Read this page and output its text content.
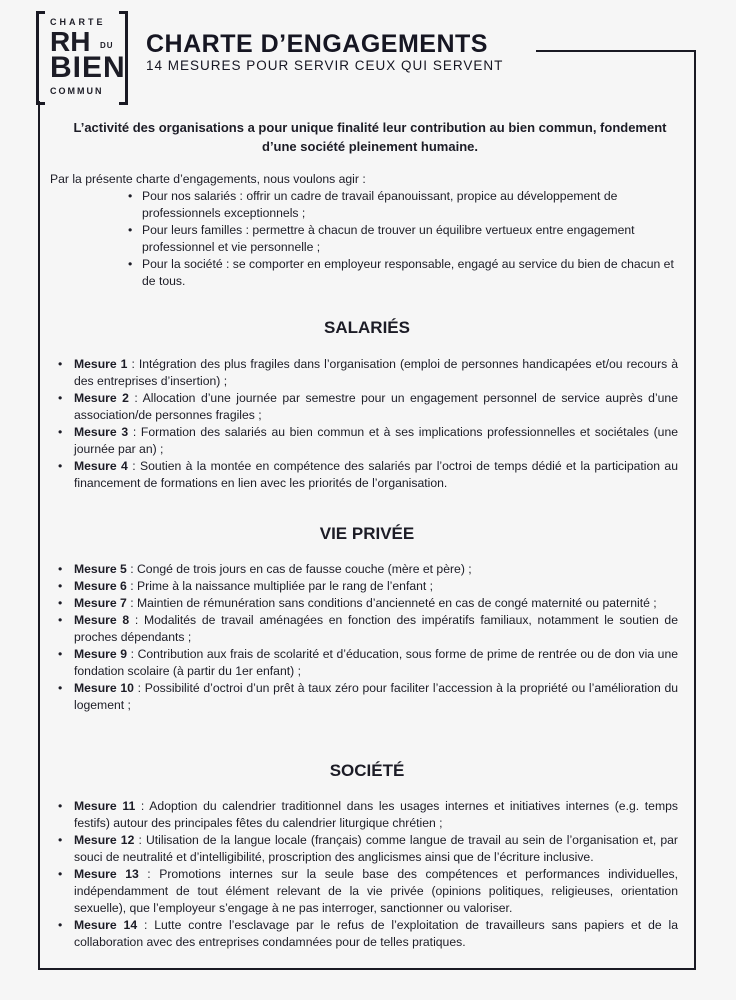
CHARTE
RH DU
BIEN
COMMUN
CHARTE D’ENGAGEMENTS
14 MESURES POUR SERVIR CEUX QUI SERVENT
L’activité des organisations a pour unique finalité leur contribution au bien commun, fondement d’une société pleinement humaine.
Par la présente charte d’engagements, nous voulons agir :
• Pour nos salariés : offrir un cadre de travail épanouissant, propice au développement de professionnels exceptionnels ;
• Pour leurs familles : permettre à chacun de trouver un équilibre vertueux entre engagement professionnel et vie personnelle ;
• Pour la société : se comporter en employeur responsable, engagé au service du bien de chacun et de tous.
SALARIÉS
• Mesure 1 : Intégration des plus fragiles dans l’organisation (emploi de personnes handicapées et/ou recours à des entreprises d’insertion) ;
• Mesure 2 : Allocation d’une journée par semestre pour un engagement personnel de service auprès d’une association/de personnes fragiles ;
• Mesure 3 : Formation des salariés au bien commun et à ses implications professionnelles et sociétales (une journée par an) ;
• Mesure 4 : Soutien à la montée en compétence des salariés par l’octroi de temps dédié et la participation au financement de formations en lien avec les priorités de l’organisation.
VIE PRIVÉE
• Mesure 5 : Congé de trois jours en cas de fausse couche (mère et père) ;
• Mesure 6 : Prime à la naissance multipliée par le rang de l’enfant ;
• Mesure 7 : Maintien de rémunération sans conditions d’ancienneté en cas de congé maternité ou paternité ;
• Mesure 8 : Modalités de travail aménagées en fonction des impératifs familiaux, notamment le soutien de proches dépendants ;
• Mesure 9 : Contribution aux frais de scolarité et d’éducation, sous forme de prime de rentrée ou de don via une fondation scolaire (à partir du 1er enfant) ;
• Mesure 10 : Possibilité d’octroi d’un prêt à taux zéro pour faciliter l’accession à la propriété ou l’amélioration du logement ;
SOCIÉTÉ
• Mesure 11 : Adoption du calendrier traditionnel dans les usages internes et initiatives internes (e.g. temps festifs) autour des principales fêtes du calendrier liturgique chrétien ;
• Mesure 12 : Utilisation de la langue locale (français) comme langue de travail au sein de l’organisation et, par souci de neutralité et d’intelligibilité, proscription des anglicismes ainsi que de l’écriture inclusive.
• Mesure 13 : Promotions internes sur la seule base des compétences et performances individuelles, indépendamment de tout élément relevant de la vie privée (opinions politiques, religieuses, orientation sexuelle), que l’employeur s’engage à ne pas interroger, sanctionner ou valoriser.
• Mesure 14 : Lutte contre l’esclavage par le refus de l’exploitation de travailleurs sans papiers et de la collaboration avec des entreprises condamnées pour de telles pratiques.
